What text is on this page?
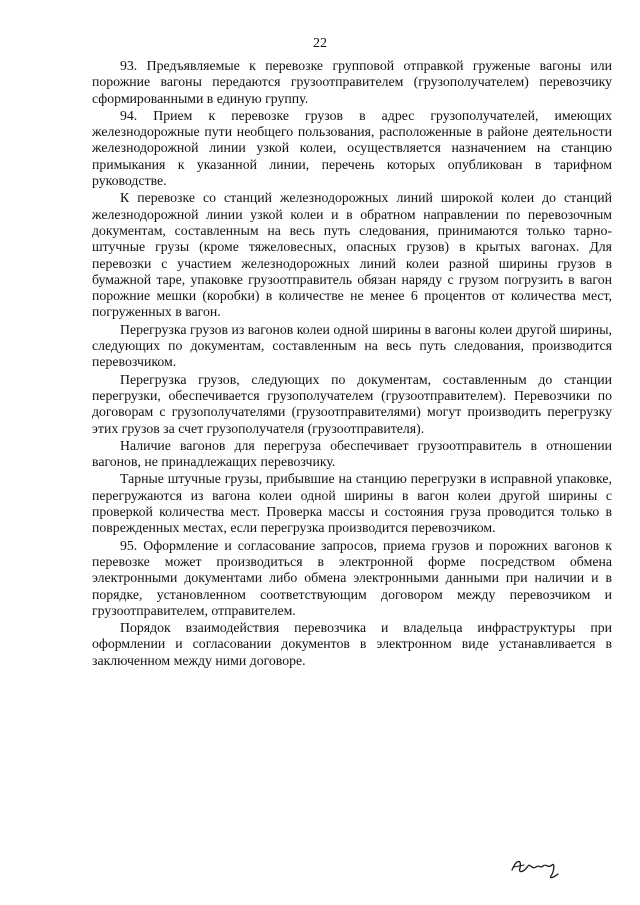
22

93. Предъявляемые к перевозке групповой отправкой груженые вагоны или порожние вагоны передаются грузоотправителем (грузополучателем) перевозчику сформированными в единую группу.

94. Прием к перевозке грузов в адрес грузополучателей, имеющих железнодорожные пути необщего пользования, расположенные в районе деятельности железнодорожной линии узкой колеи, осуществляется назначением на станцию примыкания к указанной линии, перечень которых опубликован в тарифном руководстве.

К перевозке со станций железнодорожных линий широкой колеи до станций железнодорожной линии узкой колеи и в обратном направлении по перевозочным документам, составленным на весь путь следования, принимаются только тарно-штучные грузы (кроме тяжеловесных, опасных грузов) в крытых вагонах. Для перевозки с участием железнодорожных линий колеи разной ширины грузов в бумажной таре, упаковке грузоотправитель обязан наряду с грузом погрузить в вагон порожние мешки (коробки) в количестве не менее 6 процентов от количества мест, погруженных в вагон.

Перегрузка грузов из вагонов колеи одной ширины в вагоны колеи другой ширины, следующих по документам, составленным на весь путь следования, производится перевозчиком.

Перегрузка грузов, следующих по документам, составленным до станции перегрузки, обеспечивается грузополучателем (грузоотправителем). Перевозчики по договорам с грузополучателями (грузоотправителями) могут производить перегрузку этих грузов за счет грузополучателя (грузоотправителя).

Наличие вагонов для перегруза обеспечивает грузоотправитель в отношении вагонов, не принадлежащих перевозчику.

Тарные штучные грузы, прибывшие на станцию перегрузки в исправной упаковке, перегружаются из вагона колеи одной ширины в вагон колеи другой ширины с проверкой количества мест. Проверка массы и состояния груза проводится только в поврежденных местах, если перегрузка производится перевозчиком.

95. Оформление и согласование запросов, приема грузов и порожних вагонов к перевозке может производиться в электронной форме посредством обмена электронными документами либо обмена электронными данными при наличии и в порядке, установленном соответствующим договором между перевозчиком и грузоотправителем, отправителем.

Порядок взаимодействия перевозчика и владельца инфраструктуры при оформлении и согласовании документов в электронном виде устанавливается в заключенном между ними договоре.
